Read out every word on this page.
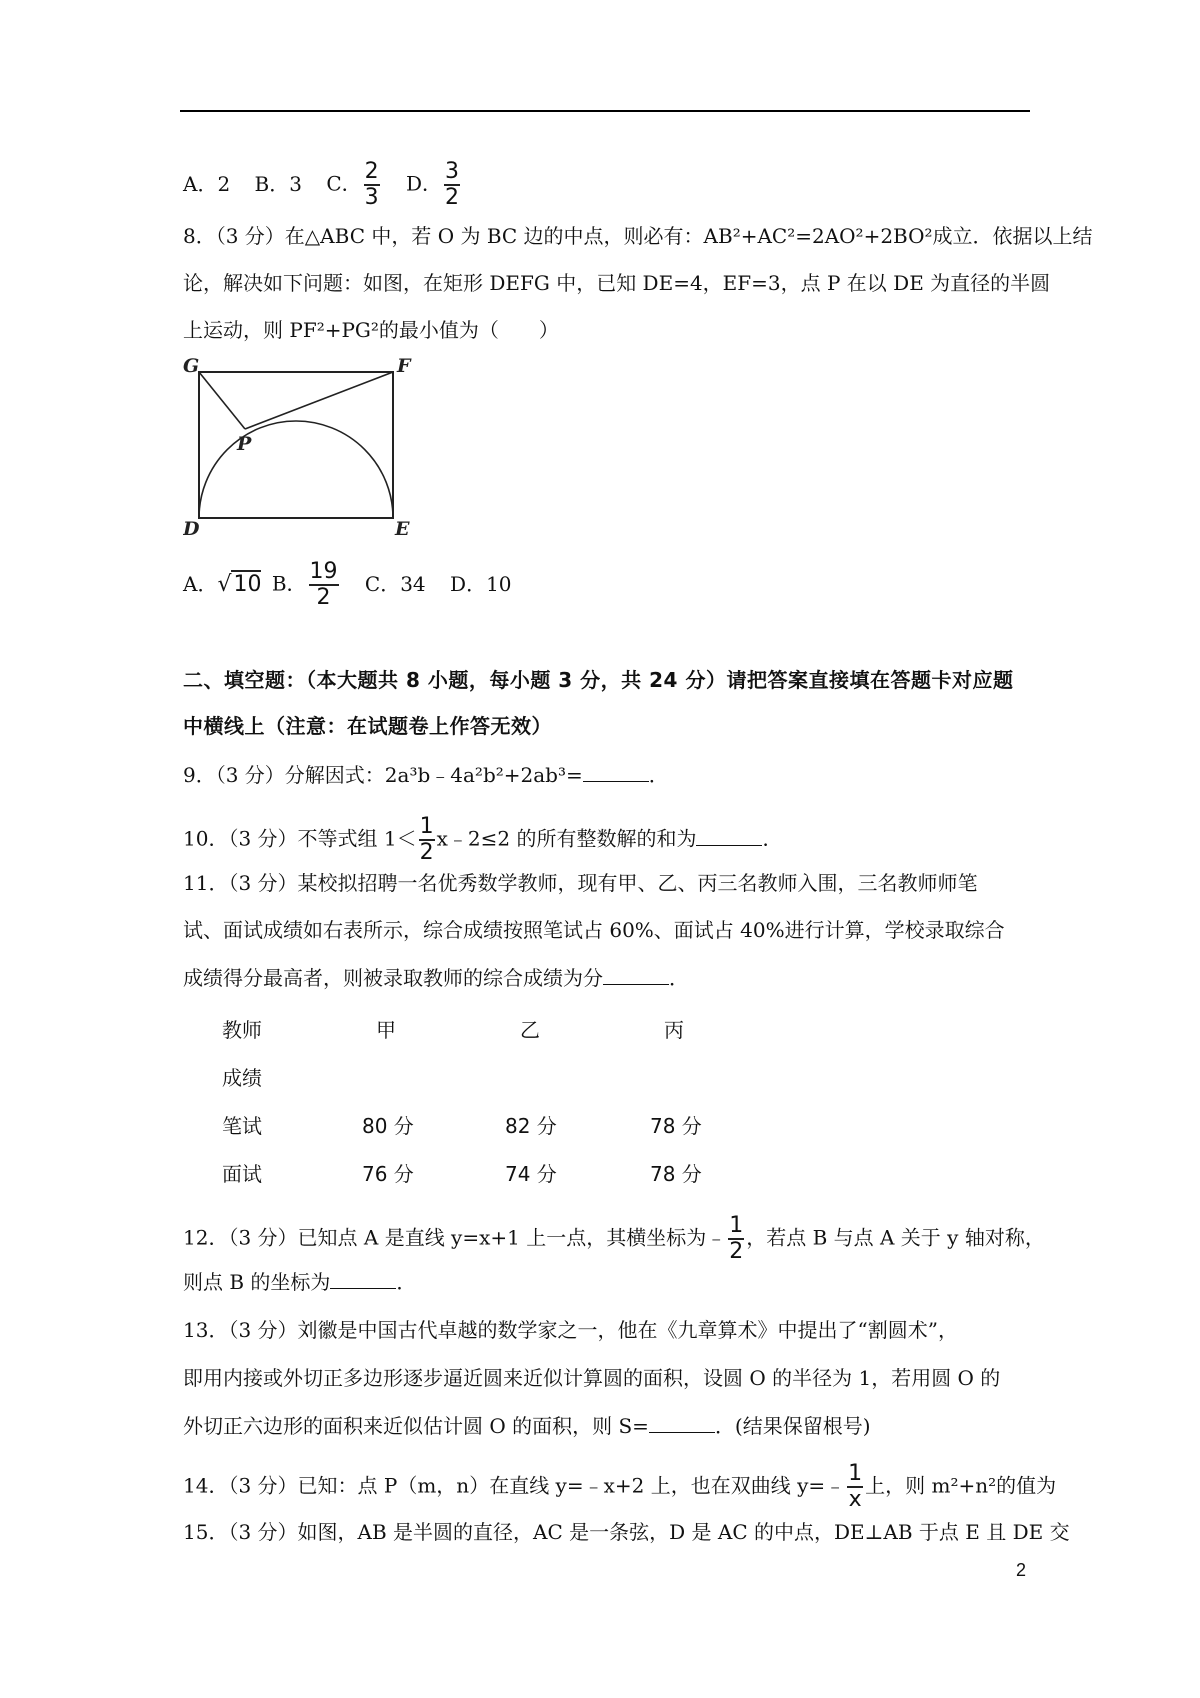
A．2 B．3 C． $\frac{2}{3}$ D． $\frac{3}{2}$
8．（3 分）在△ABC 中，若 O 为 BC 边的中点，则必有：AB²+AC²=2AO²+2BO²成立．依据以上结
论，解决如下问题：如图，在矩形 DEFG 中，已知 DE=4，EF=3，点 P 在以 DE 为直径的半圆
上运动，则 PF²+PG²的最小值为（　　）
G	F
P
D	E
A．√10 B． $\frac{19}{2}$ C．34 D．10
二、填空题：（本大题共 8 小题，每小题 3 分，共 24 分）请把答案直接填在答题卡对应题
中横线上（注意：在试题卷上作答无效）
9．（3 分）分解因式：2a³b﹣4a²b²+2ab³=	．
10．（3 分）不等式组 $1< \frac{1}{2}$ x﹣2≤2 的所有整数解的和为	．
11．（3 分）某校拟招聘一名优秀数学教师，现有甲、乙、丙三名教师入围，三名教师师笔
试、面试成绩如右表所示，综合成绩按照笔试占 60%、面试占 40%进行计算，学校录取综合
成绩得分最高者，则被录取教师的综合成绩为分	．
教师	甲	乙	丙
成绩
笔试	80 分	82 分	78 分
面试	76 分	74 分	78 分
12．（3 分）已知点 A 是直线 y=x+1 上一点，其横坐标为﹣ $\frac{1}{2}$ ，若点 B 与点 A 关于 y 轴对称，
则点 B 的坐标为	．
13．（3 分）刘徽是中国古代卓越的数学家之一，他在《九章算术》中提出了“割圆术”，
即用内接或外切正多边形逐步逼近圆来近似计算圆的面积，设圆 O 的半径为 1，若用圆 O 的
外切正六边形的面积来近似估计圆 O 的面积，则 S=	．(结果保留根号)
14．（3 分）已知：点 P（m，n）在直线 y=﹣x+2 上，也在双曲线 y=﹣ $\frac{1}{x}$ 上，则 m²+n²的值为
15．（3 分）如图，AB 是半圆的直径，AC 是一条弦，D 是 AC 的中点，DE⊥AB 于点 E 且 DE 交
2
